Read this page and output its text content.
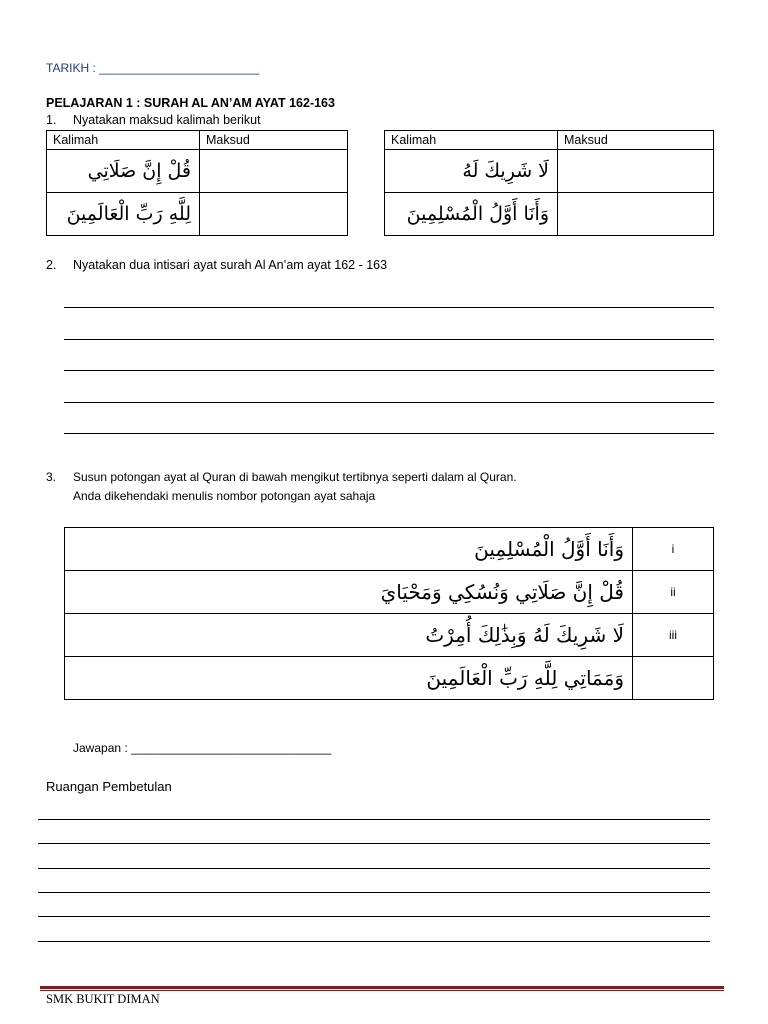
TARIKH : ________________________
PELAJARAN 1 : SURAH AL AN’AM AYAT 162-163
1. Nyatakan maksud kalimah berikut
Kalimah	Maksud
قُلْ إِنَّ صَلَاتِي	
لِلَّهِ رَبِّ الْعَالَمِينَ	
Kalimah	Maksud
لَا شَرِيكَ لَهُ	
وَأَنَا أَوَّلُ الْمُسْلِمِينَ	
2. Nyatakan dua intisari ayat surah Al An’am ayat 162 - 163
3. Susun potongan ayat al Quran di bawah mengikut tertibnya seperti dalam al Quran.
Anda dikehendaki menulis nombor potongan ayat sahaja
وَأَنَا أَوَّلُ الْمُسْلِمِينَ	i
قُلْ إِنَّ صَلَاتِي وَنُسُكِي وَمَحْيَايَ	ii
لَا شَرِيكَ لَهُ وَبِذَٰلِكَ أُمِرْتُ	iii
وَمَمَاتِي لِلَّهِ رَبِّ الْعَالَمِينَ	
Jawapan : ______________________________
Ruangan Pembetulan
SMK BUKIT DIMAN
